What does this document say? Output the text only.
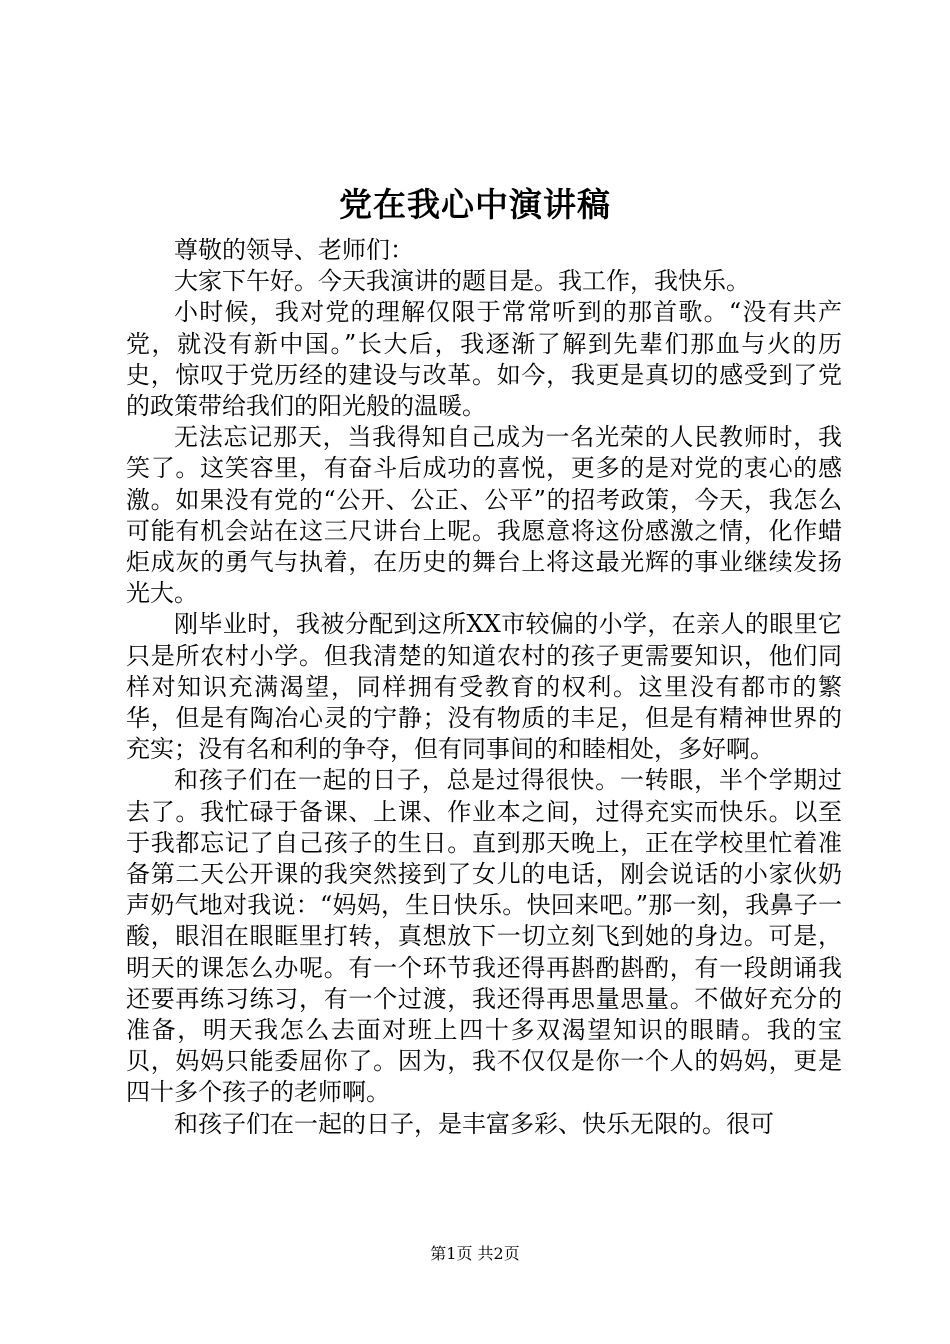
党在我心中演讲稿

尊敬的领导、老师们：

大家下午好。今天我演讲的题目是。我工作，我快乐。

小时候，我对党的理解仅限于常常听到的那首歌。“没有共产党，就没有新中国。”长大后，我逐渐了解到先辈们那血与火的历史，惊叹于党历经的建设与改革。如今，我更是真切的感受到了党的政策带给我们的阳光般的温暖。

无法忘记那天，当我得知自己成为一名光荣的人民教师时，我笑了。这笑容里，有奋斗后成功的喜悦，更多的是对党的衷心的感激。如果没有党的“公开、公正、公平”的招考政策，今天，我怎么可能有机会站在这三尺讲台上呢。我愿意将这份感激之情，化作蜡炬成灰的勇气与执着，在历史的舞台上将这最光辉的事业继续发扬光大。

刚毕业时，我被分配到这所XX市较偏的小学，在亲人的眼里它只是所农村小学。但我清楚的知道农村的孩子更需要知识，他们同样对知识充满渴望，同样拥有受教育的权利。这里没有都市的繁华，但是有陶冶心灵的宁静；没有物质的丰足，但是有精神世界的充实；没有名和利的争夺，但有同事间的和睦相处，多好啊。

和孩子们在一起的日子，总是过得很快。一转眼，半个学期过去了。我忙碌于备课、上课、作业本之间，过得充实而快乐。以至于我都忘记了自己孩子的生日。直到那天晚上，正在学校里忙着准备第二天公开课的我突然接到了女儿的电话，刚会说话的小家伙奶声奶气地对我说：“妈妈，生日快乐。快回来吧。”那一刻，我鼻子一酸，眼泪在眼眶里打转，真想放下一切立刻飞到她的身边。可是，明天的课怎么办呢。有一个环节我还得再斟酌斟酌，有一段朗诵我还要再练习练习，有一个过渡，我还得再思量思量。不做好充分的准备，明天我怎么去面对班上四十多双渴望知识的眼睛。我的宝贝，妈妈只能委屈你了。因为，我不仅仅是你一个人的妈妈，更是四十多个孩子的老师啊。

和孩子们在一起的日子，是丰富多彩、快乐无限的。很可

第1页 共2页
